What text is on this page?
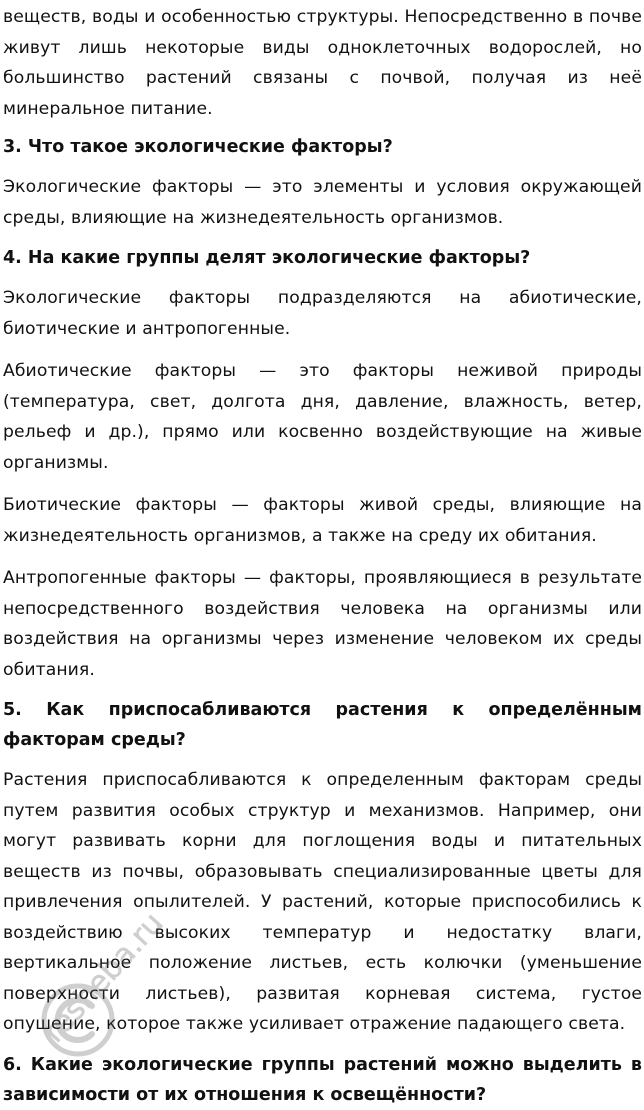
веществ, воды и особенностью структуры. Непосредственно в почве живут лишь некоторые виды одноклеточных водорослей, но большинство растений связаны с почвой, получая из неё минеральное питание.

3. Что такое экологические факторы?

Экологические факторы — это элементы и условия окружающей среды, влияющие на жизнедеятельность организмов.

4. На какие группы делят экологические факторы?

Экологические факторы подразделяются на абиотические, биотические и антропогенные.

Абиотические факторы — это факторы неживой природы (температура, свет, долгота дня, давление, влажность, ветер, рельеф и др.), прямо или косвенно воздействующие на живые организмы.

Биотические факторы — факторы живой среды, влияющие на жизнедеятельность организмов, а также на среду их обитания.

Антропогенные факторы — факторы, проявляющиеся в результате непосредственного воздействия человека на организмы или воздействия на организмы через изменение человеком их среды обитания.

5. Как приспосабливаются растения к определённым факторам среды?

Растения приспосабливаются к определенным факторам среды путем развития особых структур и механизмов. Например, они могут развивать корни для поглощения воды и питательных веществ из почвы, образовывать специализированные цветы для привлечения опылителей. У растений, которые приспособились к воздействию высоких температур и недостатку влаги, вертикальное положение листьев, есть колючки (уменьшение поверхности листьев), развитая корневая система, густое опушение, которое также усиливает отражение падающего света.

6. Какие экологические группы растений можно выделить в зависимости от их отношения к освещённости?
resheba.ru
